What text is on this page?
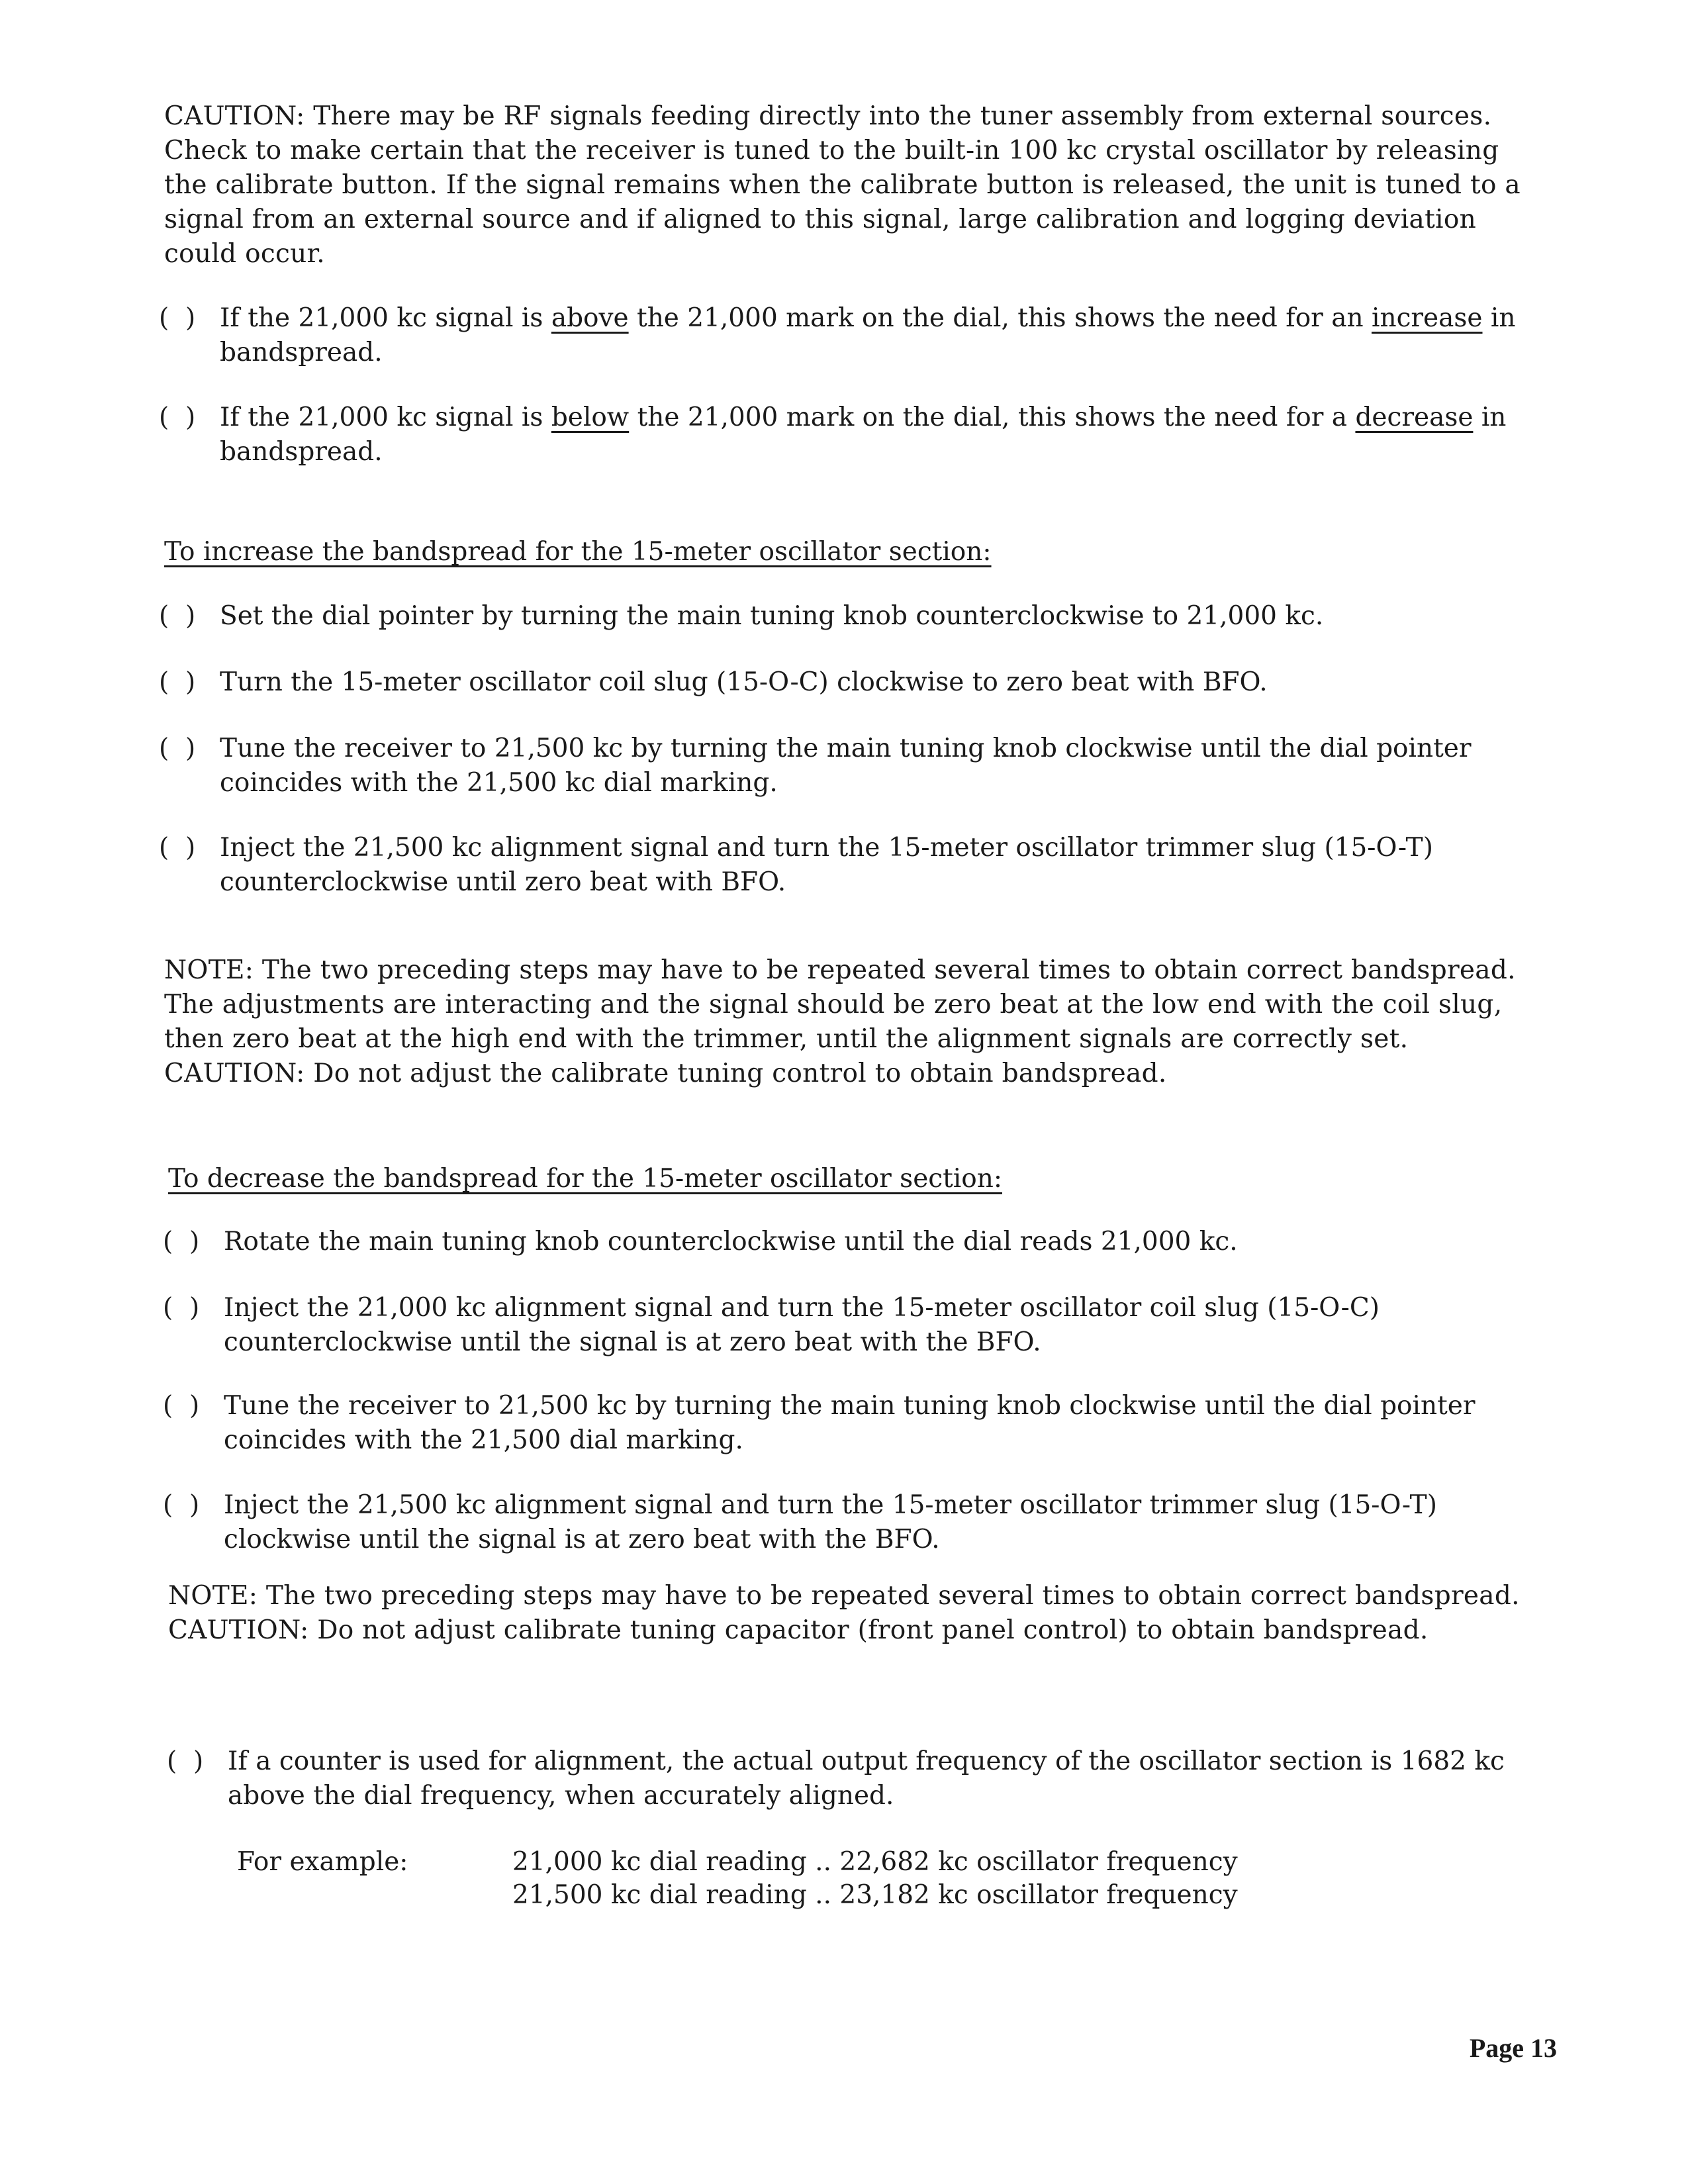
CAUTION: There may be RF signals feeding directly into the tuner assembly from external sources. Check to make certain that the receiver is tuned to the built-in 100 kc crystal oscillator by releasing the calibrate button. If the signal remains when the calibrate button is released, the unit is tuned to a signal from an external source and if aligned to this signal, large calibration and logging deviation could occur.
(  ) If the 21,000 kc signal is above the 21,000 mark on the dial, this shows the need for an increase in bandspread.
(  ) If the 21,000 kc signal is below the 21,000 mark on the dial, this shows the need for a decrease in bandspread.
To increase the bandspread for the 15-meter oscillator section:
(  ) Set the dial pointer by turning the main tuning knob counterclockwise to 21,000 kc.
(  ) Turn the 15-meter oscillator coil slug (15-O-C) clockwise to zero beat with BFO.
(  ) Tune the receiver to 21,500 kc by turning the main tuning knob clockwise until the dial pointer coincides with the 21,500 kc dial marking.
(  ) Inject the 21,500 kc alignment signal and turn the 15-meter oscillator trimmer slug (15-O-T) counterclockwise until zero beat with BFO.
NOTE: The two preceding steps may have to be repeated several times to obtain correct bandspread. The adjustments are interacting and the signal should be zero beat at the low end with the coil slug, then zero beat at the high end with the trimmer, until the alignment signals are correctly set. CAUTION: Do not adjust the calibrate tuning control to obtain bandspread.
To decrease the bandspread for the 15-meter oscillator section:
(  ) Rotate the main tuning knob counterclockwise until the dial reads 21,000 kc.
(  ) Inject the 21,000 kc alignment signal and turn the 15-meter oscillator coil slug (15-O-C) counterclockwise until the signal is at zero beat with the BFO.
(  ) Tune the receiver to 21,500 kc by turning the main tuning knob clockwise until the dial pointer coincides with the 21,500 dial marking.
(  ) Inject the 21,500 kc alignment signal and turn the 15-meter oscillator trimmer slug (15-O-T) clockwise until the signal is at zero beat with the BFO.
NOTE: The two preceding steps may have to be repeated several times to obtain correct bandspread. CAUTION: Do not adjust calibrate tuning capacitor (front panel control) to obtain bandspread.
(  ) If a counter is used for alignment, the actual output frequency of the oscillator section is 1682 kc above the dial frequency, when accurately aligned.
For example:	21,000 kc dial reading .. 22,682 kc oscillator frequency
21,500 kc dial reading .. 23,182 kc oscillator frequency
Page 13
